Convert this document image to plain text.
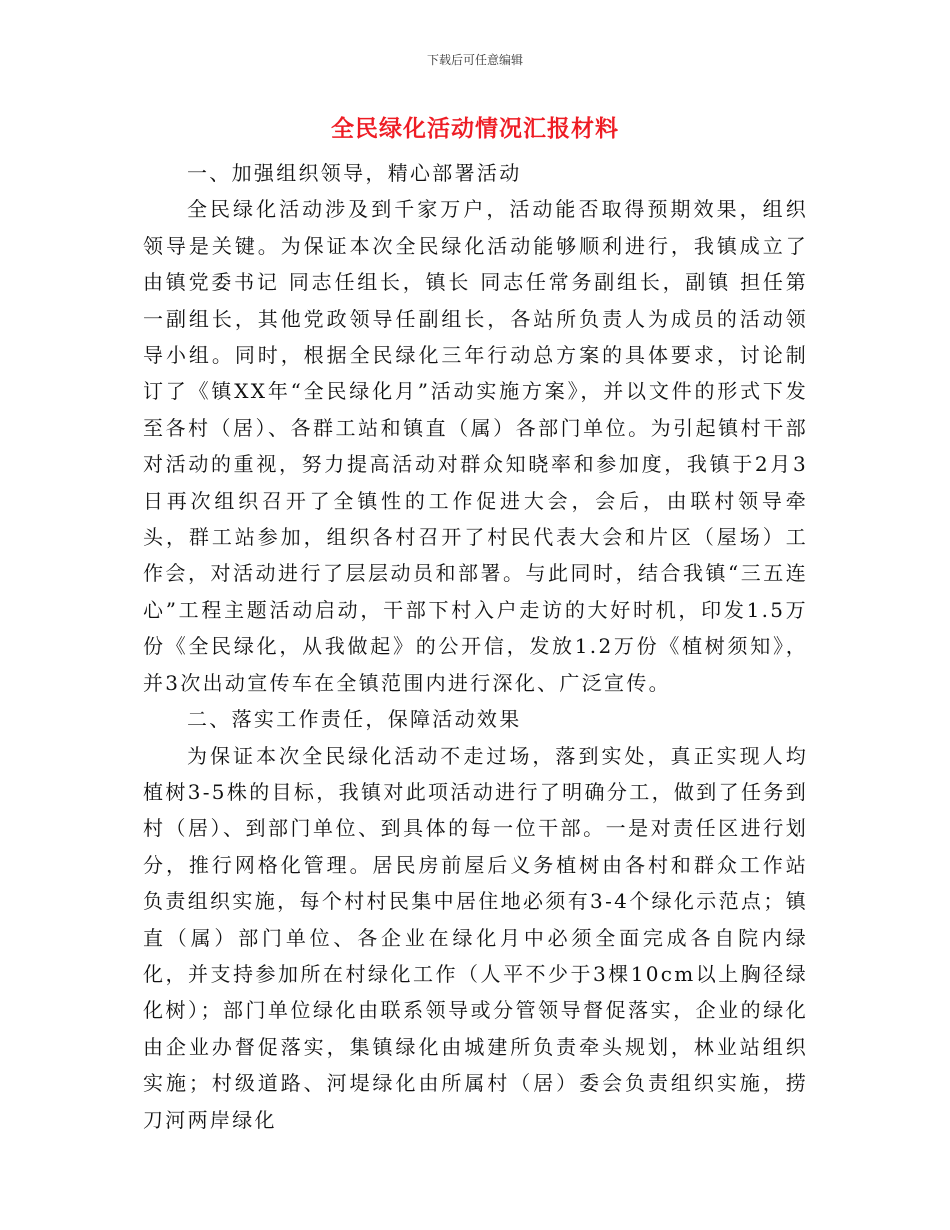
下载后可任意编辑
全民绿化活动情况汇报材料

一、加强组织领导，精心部署活动

全民绿化活动涉及到千家万户，活动能否取得预期效果，组织领导是关键。为保证本次全民绿化活动能够顺利进行，我镇成立了由镇党委书记 同志任组长，镇长 同志任常务副组长，副镇 担任第一副组长，其他党政领导任副组长，各站所负责人为成员的活动领导小组。同时，根据全民绿化三年行动总方案的具体要求，讨论制订了《镇XX年“全民绿化月”活动实施方案》，并以文件的形式下发至各村（居）、各群工站和镇直（属）各部门单位。为引起镇村干部对活动的重视，努力提高活动对群众知晓率和参加度，我镇于2月3日再次组织召开了全镇性的工作促进大会，会后，由联村领导牵头，群工站参加，组织各村召开了村民代表大会和片区（屋场）工作会，对活动进行了层层动员和部署。与此同时，结合我镇“三五连心”工程主题活动启动，干部下村入户走访的大好时机，印发1.5万份《全民绿化，从我做起》的公开信，发放1.2万份《植树须知》，并3次出动宣传车在全镇范围内进行深化、广泛宣传。

二、落实工作责任，保障活动效果

为保证本次全民绿化活动不走过场，落到实处，真正实现人均植树3-5株的目标，我镇对此项活动进行了明确分工，做到了任务到村（居）、到部门单位、到具体的每一位干部。一是对责任区进行划分，推行网格化管理。居民房前屋后义务植树由各村和群众工作站负责组织实施，每个村村民集中居住地必须有3-4个绿化示范点；镇直（属）部门单位、各企业在绿化月中必须全面完成各自院内绿化，并支持参加所在村绿化工作（人平不少于3棵10cm以上胸径绿化树）；部门单位绿化由联系领导或分管领导督促落实，企业的绿化由企业办督促落实，集镇绿化由城建所负责牵头规划，林业站组织实施；村级道路、河堤绿化由所属村（居）委会负责组织实施，捞刀河两岸绿化
